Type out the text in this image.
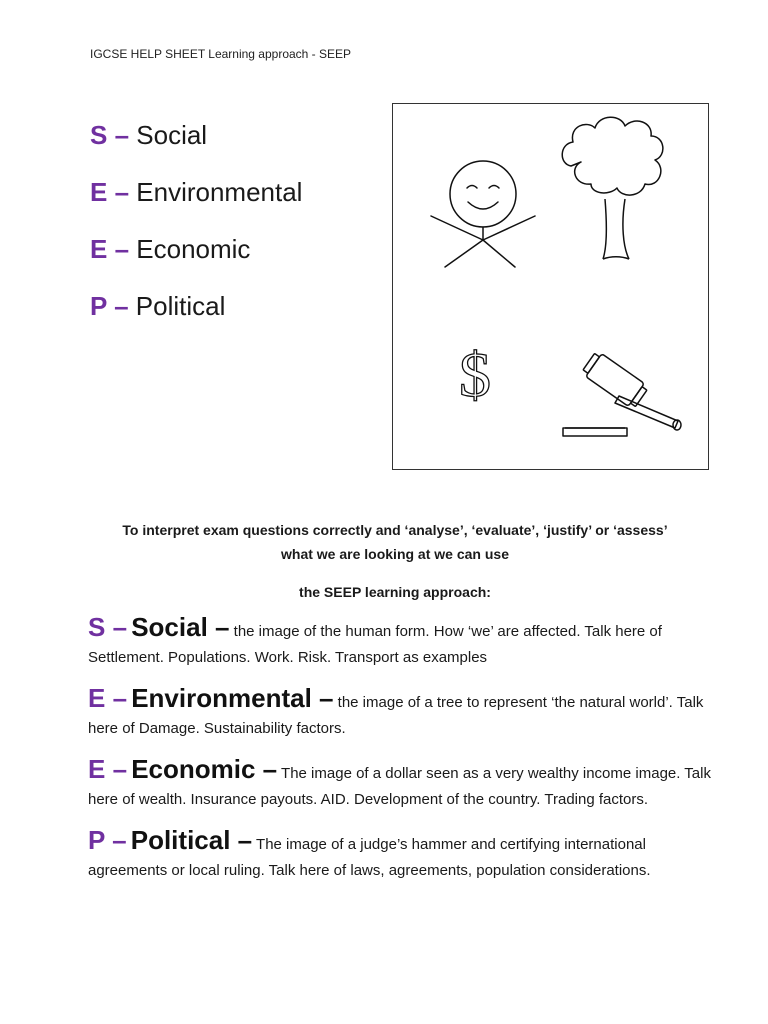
IGCSE HELP SHEET Learning approach - SEEP
S – Social
E – Environmental
E – Economic
P – Political
$

To interpret exam questions correctly and ‘analyse’, ‘evaluate’, ‘justify’ or ‘assess’

what we are looking at we can use

the SEEP learning approach:

S – Social – the image of the human form. How ‘we’ are affected. Talk here of Settlement. Populations. Work. Risk. Transport as examples

E – Environmental – the image of a tree to represent ‘the natural world’. Talk here of Damage. Sustainability factors.

E – Economic – The image of a dollar seen as a very wealthy income image. Talk here of wealth. Insurance payouts. AID. Development of the country. Trading factors.

P – Political – The image of a judge’s hammer and certifying international agreements or local ruling. Talk here of laws, agreements, population considerations.
